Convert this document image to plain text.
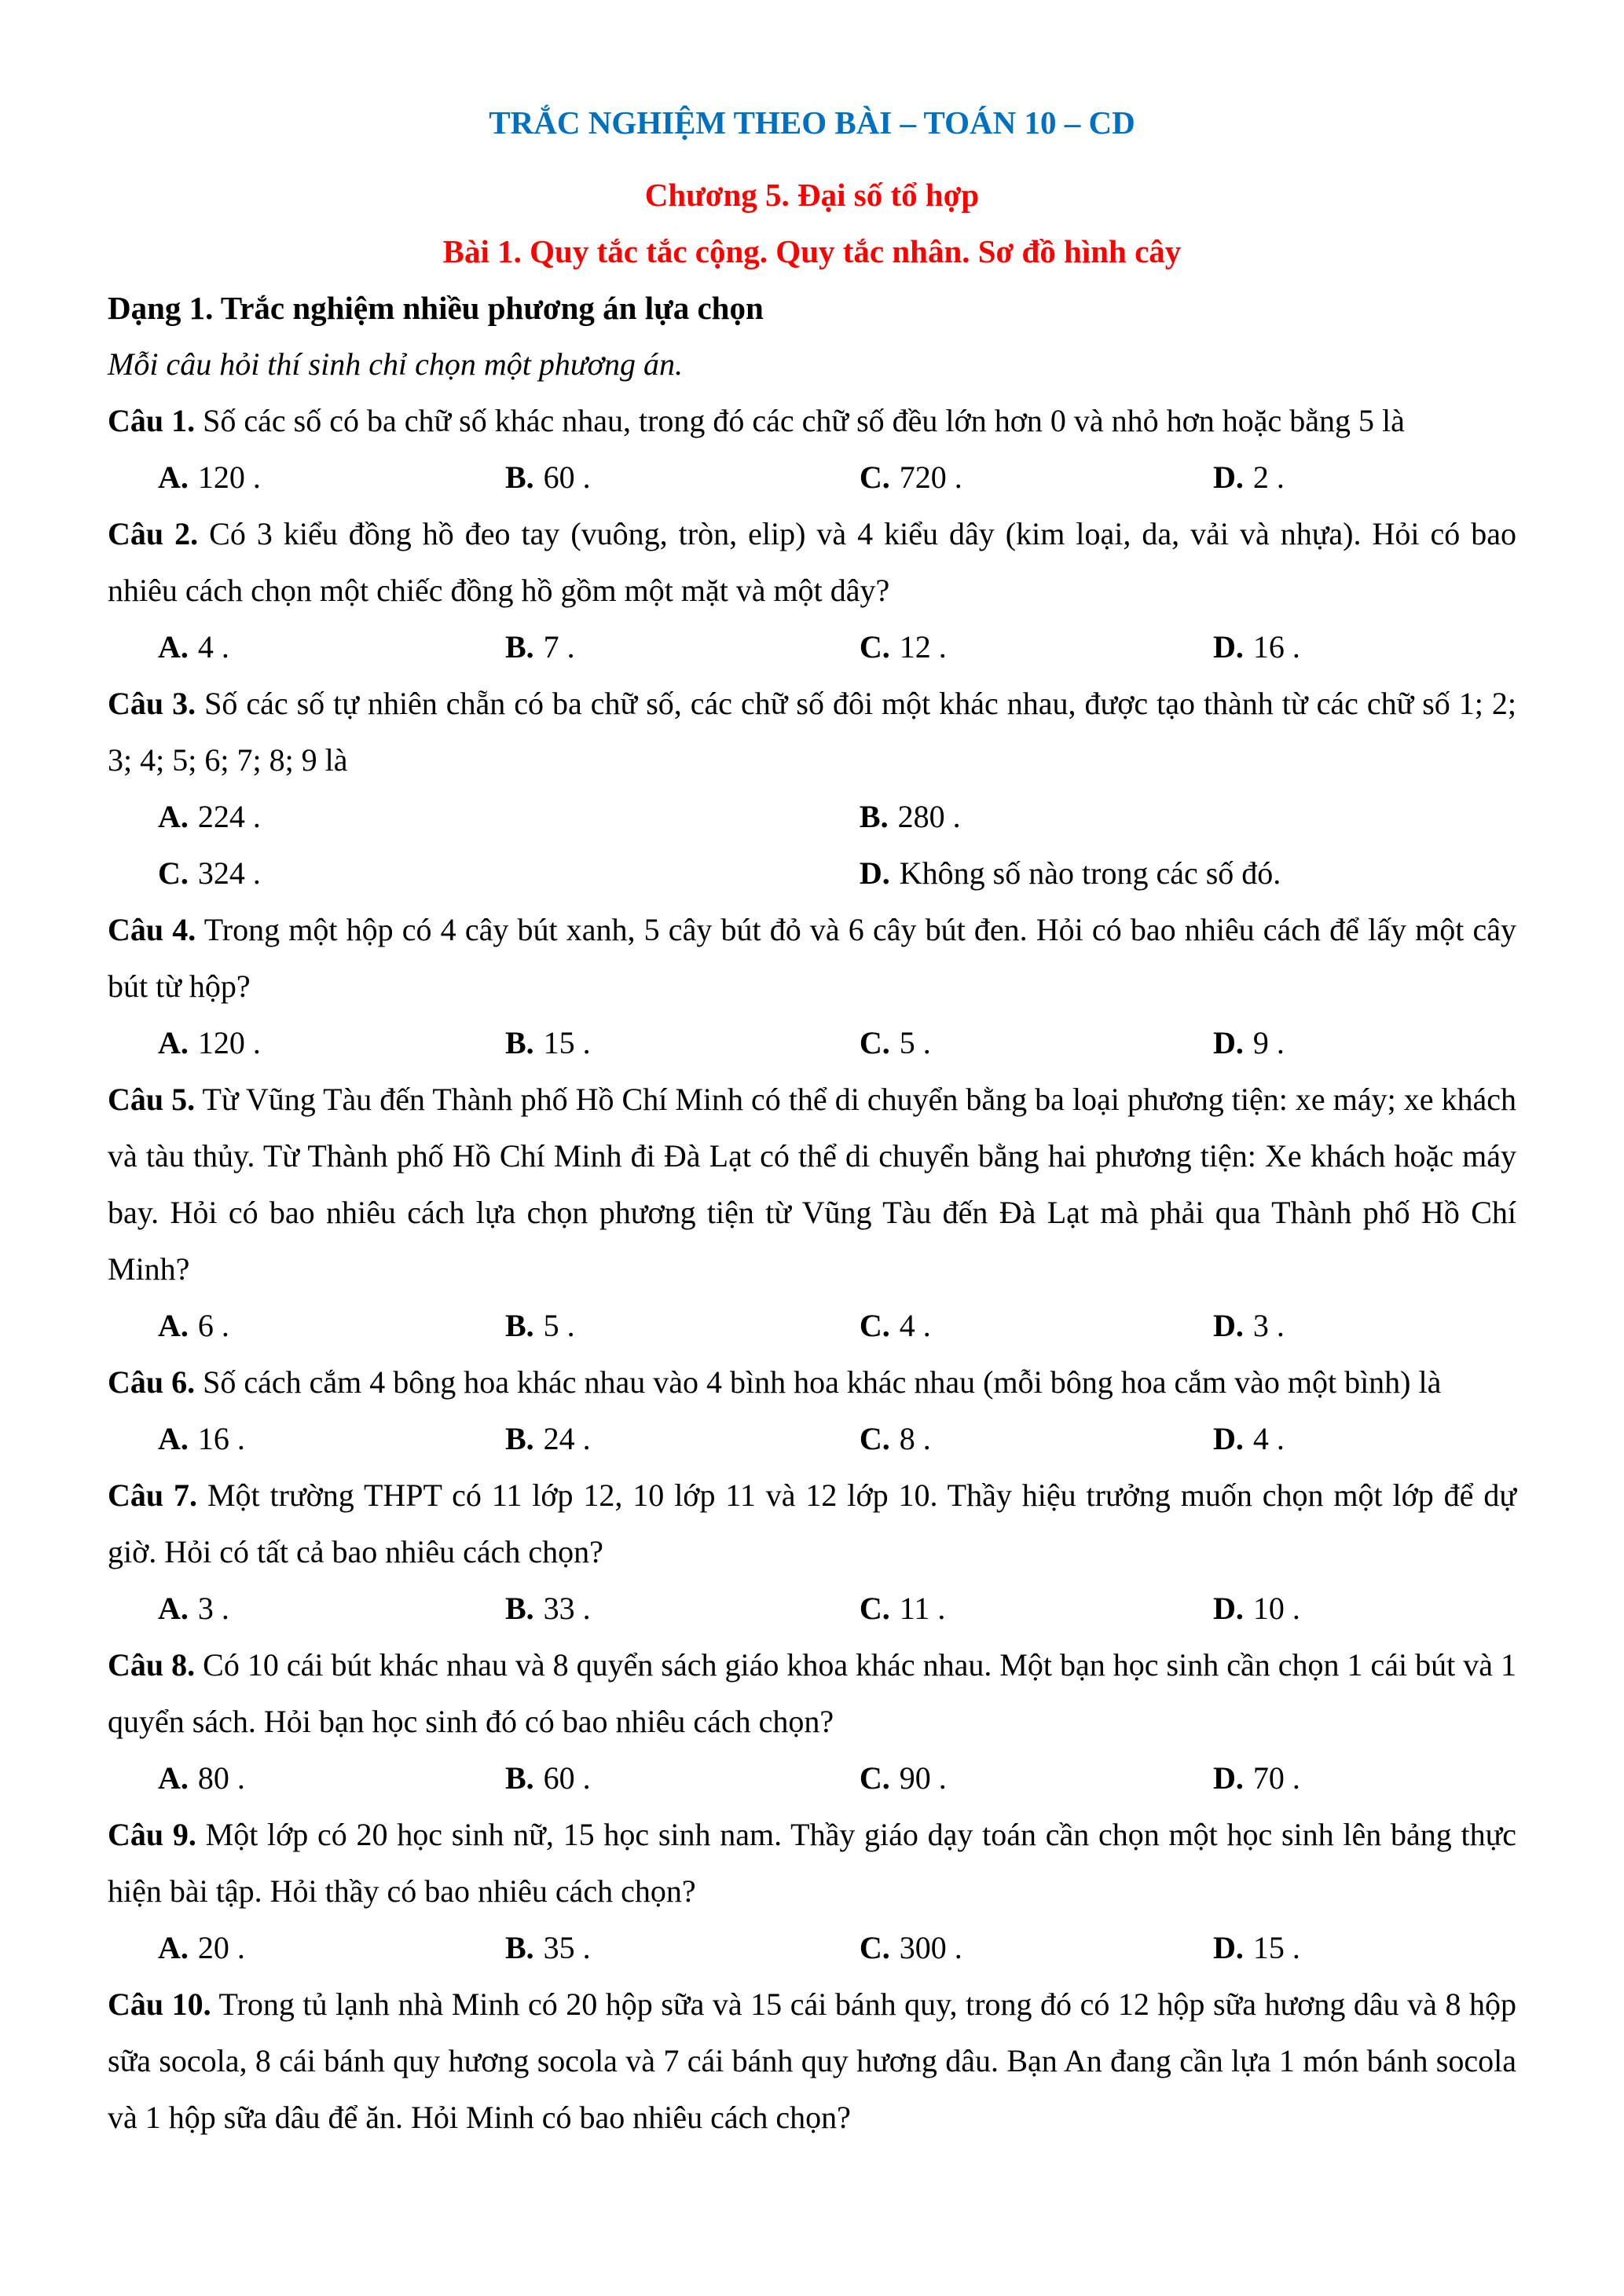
TRẮC NGHIỆM THEO BÀI – TOÁN 10 – CD

Chương 5. Đại số tổ hợp

Bài 1. Quy tắc tắc cộng. Quy tắc nhân. Sơ đồ hình cây

Dạng 1. Trắc nghiệm nhiều phương án lựa chọn

Mỗi câu hỏi thí sinh chỉ chọn một phương án.

Câu 1. Số các số có ba chữ số khác nhau, trong đó các chữ số đều lớn hơn 0 và nhỏ hơn hoặc bằng 5 là

A. 120 .	B. 60 .	C. 720 .	D. 2 .

Câu 2. Có 3 kiểu đồng hồ đeo tay (vuông, tròn, elip) và 4 kiểu dây (kim loại, da, vải và nhựa). Hỏi có bao nhiêu cách chọn một chiếc đồng hồ gồm một mặt và một dây?

A. 4 .	B. 7 .	C. 12 .	D. 16 .

Câu 3. Số các số tự nhiên chẵn có ba chữ số, các chữ số đôi một khác nhau, được tạo thành từ các chữ số 1; 2; 3; 4; 5; 6; 7; 8; 9 là

A. 224 .	B. 280 .
C. 324 .	D. Không số nào trong các số đó.

Câu 4. Trong một hộp có 4 cây bút xanh, 5 cây bút đỏ và 6 cây bút đen. Hỏi có bao nhiêu cách để lấy một cây bút từ hộp?

A. 120 .	B. 15 .	C. 5 .	D. 9 .

Câu 5. Từ Vũng Tàu đến Thành phố Hồ Chí Minh có thể di chuyển bằng ba loại phương tiện: xe máy; xe khách và tàu thủy. Từ Thành phố Hồ Chí Minh đi Đà Lạt có thể di chuyển bằng hai phương tiện: Xe khách hoặc máy bay. Hỏi có bao nhiêu cách lựa chọn phương tiện từ Vũng Tàu đến Đà Lạt mà phải qua Thành phố Hồ Chí Minh?

A. 6 .	B. 5 .	C. 4 .	D. 3 .

Câu 6. Số cách cắm 4 bông hoa khác nhau vào 4 bình hoa khác nhau (mỗi bông hoa cắm vào một bình) là

A. 16 .	B. 24 .	C. 8 .	D. 4 .

Câu 7. Một trường THPT có 11 lớp 12, 10 lớp 11 và 12 lớp 10. Thầy hiệu trưởng muốn chọn một lớp để dự giờ. Hỏi có tất cả bao nhiêu cách chọn?

A. 3 .	B. 33 .	C. 11 .	D. 10 .

Câu 8. Có 10 cái bút khác nhau và 8 quyển sách giáo khoa khác nhau. Một bạn học sinh cần chọn 1 cái bút và 1 quyển sách. Hỏi bạn học sinh đó có bao nhiêu cách chọn?

A. 80 .	B. 60 .	C. 90 .	D. 70 .

Câu 9. Một lớp có 20 học sinh nữ, 15 học sinh nam. Thầy giáo dạy toán cần chọn một học sinh lên bảng thực hiện bài tập. Hỏi thầy có bao nhiêu cách chọn?

A. 20 .	B. 35 .	C. 300 .	D. 15 .

Câu 10. Trong tủ lạnh nhà Minh có 20 hộp sữa và 15 cái bánh quy, trong đó có 12 hộp sữa hương dâu và 8 hộp sữa socola, 8 cái bánh quy hương socola và 7 cái bánh quy hương dâu. Bạn An đang cần lựa 1 món bánh socola và 1 hộp sữa dâu để ăn. Hỏi Minh có bao nhiêu cách chọn?
